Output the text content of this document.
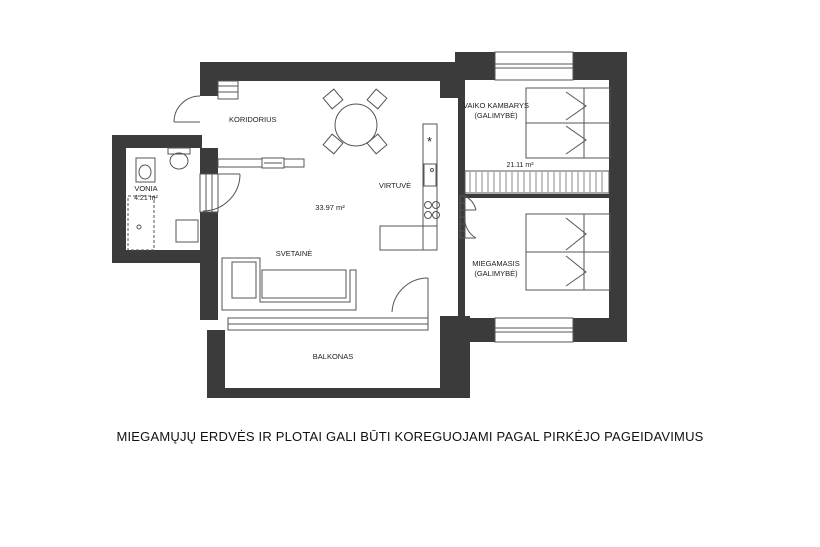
*
KORIDORIUS
VONIA
4.21 m²
33.97 m²
VIRTUVĖ
SVETAINĖ
BALKONAS
VAIKO KAMBARYS
(GALIMYBĖ)
21.11 m²
MIEGAMASIS
(GALIMYBĖ)
MIEGAMŲJŲ ERDVĖS IR PLOTAI GALI BŪTI KOREGUOJAMI PAGAL PIRKĖJO PAGEIDAVIMUS
